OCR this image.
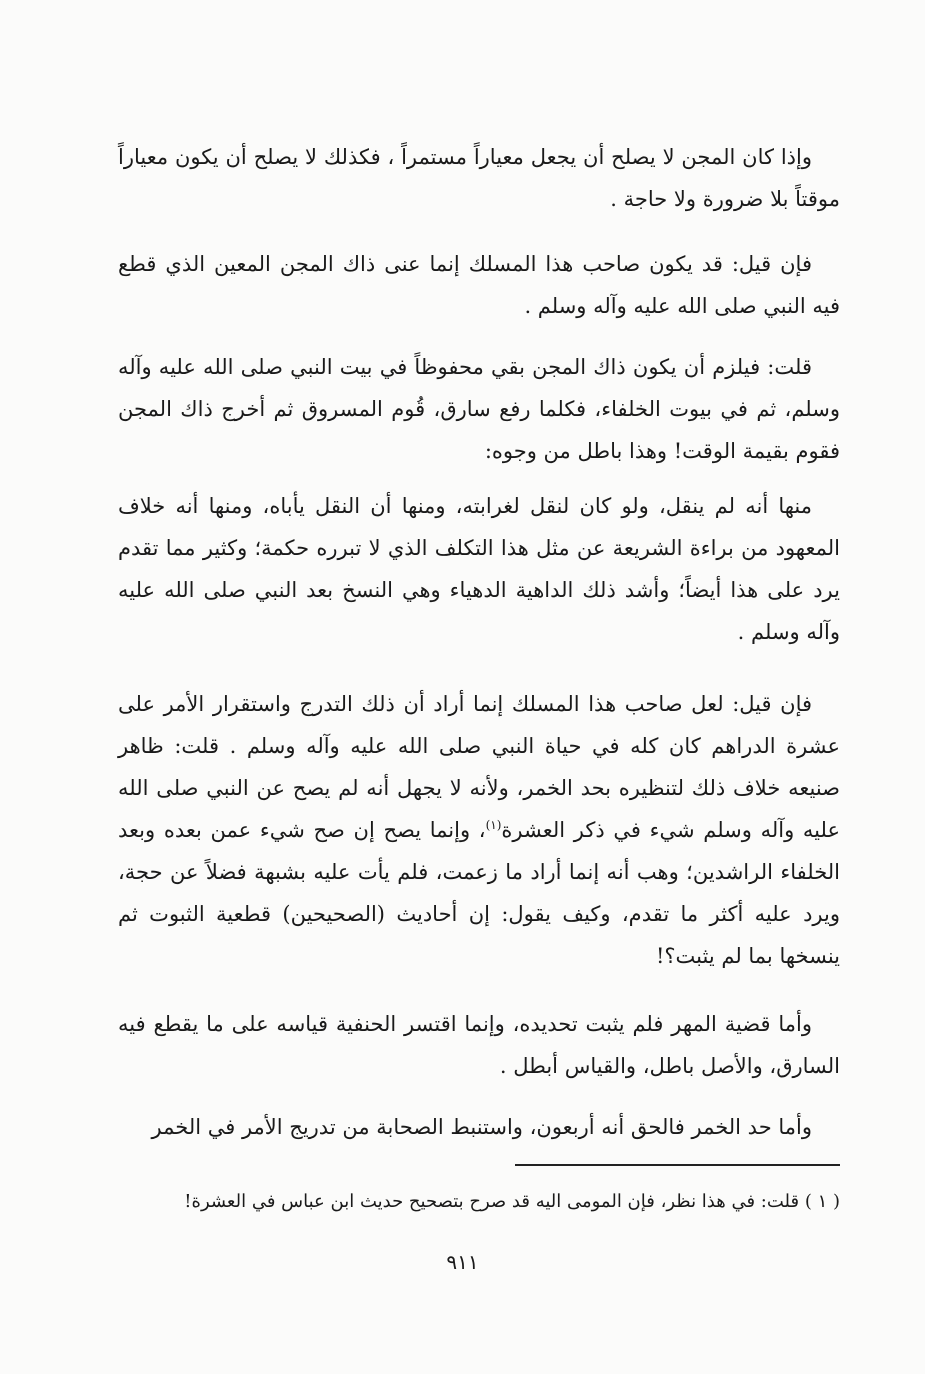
وإذا كان المجن لا يصلح أن يجعل معياراً مستمراً ، فكذلك لا يصلح أن يكون معياراً موقتاً بلا ضرورة ولا حاجة .

فإن قيل: قد يكون صاحب هذا المسلك إنما عنى ذاك المجن المعين الذي قطع فيه النبي صلى الله عليه وآله وسلم .

قلت: فيلزم أن يكون ذاك المجن بقي محفوظاً في بيت النبي صلى الله عليه وآله وسلم، ثم في بيوت الخلفاء، فكلما رفع سارق، قُوم المسروق ثم أخرج ذاك المجن فقوم بقيمة الوقت! وهذا باطل من وجوه:

منها أنه لم ينقل، ولو كان لنقل لغرابته، ومنها أن النقل يأباه، ومنها أنه خلاف المعهود من براءة الشريعة عن مثل هذا التكلف الذي لا تبرره حكمة؛ وكثير مما تقدم يرد على هذا أيضاً؛ وأشد ذلك الداهية الدهياء وهي النسخ بعد النبي صلى الله عليه وآله وسلم .

فإن قيل: لعل صاحب هذا المسلك إنما أراد أن ذلك التدرج واستقرار الأمر على عشرة الدراهم كان كله في حياة النبي صلى الله عليه وآله وسلم . قلت: ظاهر صنيعه خلاف ذلك لتنظيره بحد الخمر، ولأنه لا يجهل أنه لم يصح عن النبي صلى الله عليه وآله وسلم شيء في ذكر العشرة$^{(١)}$، وإنما يصح إن صح شيء عمن بعده وبعد الخلفاء الراشدين؛ وهب أنه إنما أراد ما زعمت، فلم يأت عليه بشبهة فضلاً عن حجة، ويرد عليه أكثر ما تقدم، وكيف يقول: إن أحاديث (الصحيحين) قطعية الثبوت ثم ينسخها بما لم يثبت؟!

وأما قضية المهر فلم يثبت تحديده، وإنما اقتسر الحنفية قياسه على ما يقطع فيه السارق، والأصل باطل، والقياس أبطل .

وأما حد الخمر فالحق أنه أربعون، واستنبط الصحابة من تدريج الأمر في الخمر

( ١ ) قلت: في هذا نظر، فإن المومى اليه قد صرح بتصحيح حديث ابن عباس في العشرة!
٩١١
